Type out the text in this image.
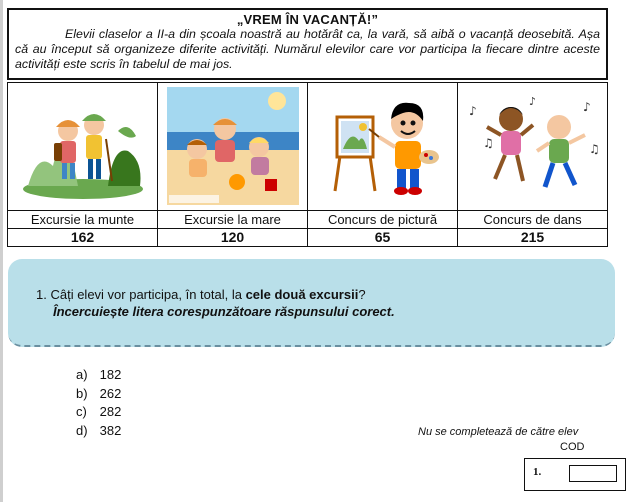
„VREM ÎN VACANȚĂ!”
Elevii claselor a II-a din școala noastră au hotărât ca, la vară, să aibă o vacanță deosebită. Așa că au început să organizeze diferite activități. Numărul elevilor care vor participa la fiecare dintre aceste activități este scris în tabelul de mai jos.

♪
♫
♪
♫
♪

Excursie la munte	Excursie la mare	Concurs de pictură	Concurs de dans
162	120	65	215
1. Câți elevi vor participa, în total, la cele două excursii?
Încercuiește litera corespunzătoare răspunsului corect.
a) 182
b) 262
c) 282
d) 382	Nu se completează de către elev
COD
1.
